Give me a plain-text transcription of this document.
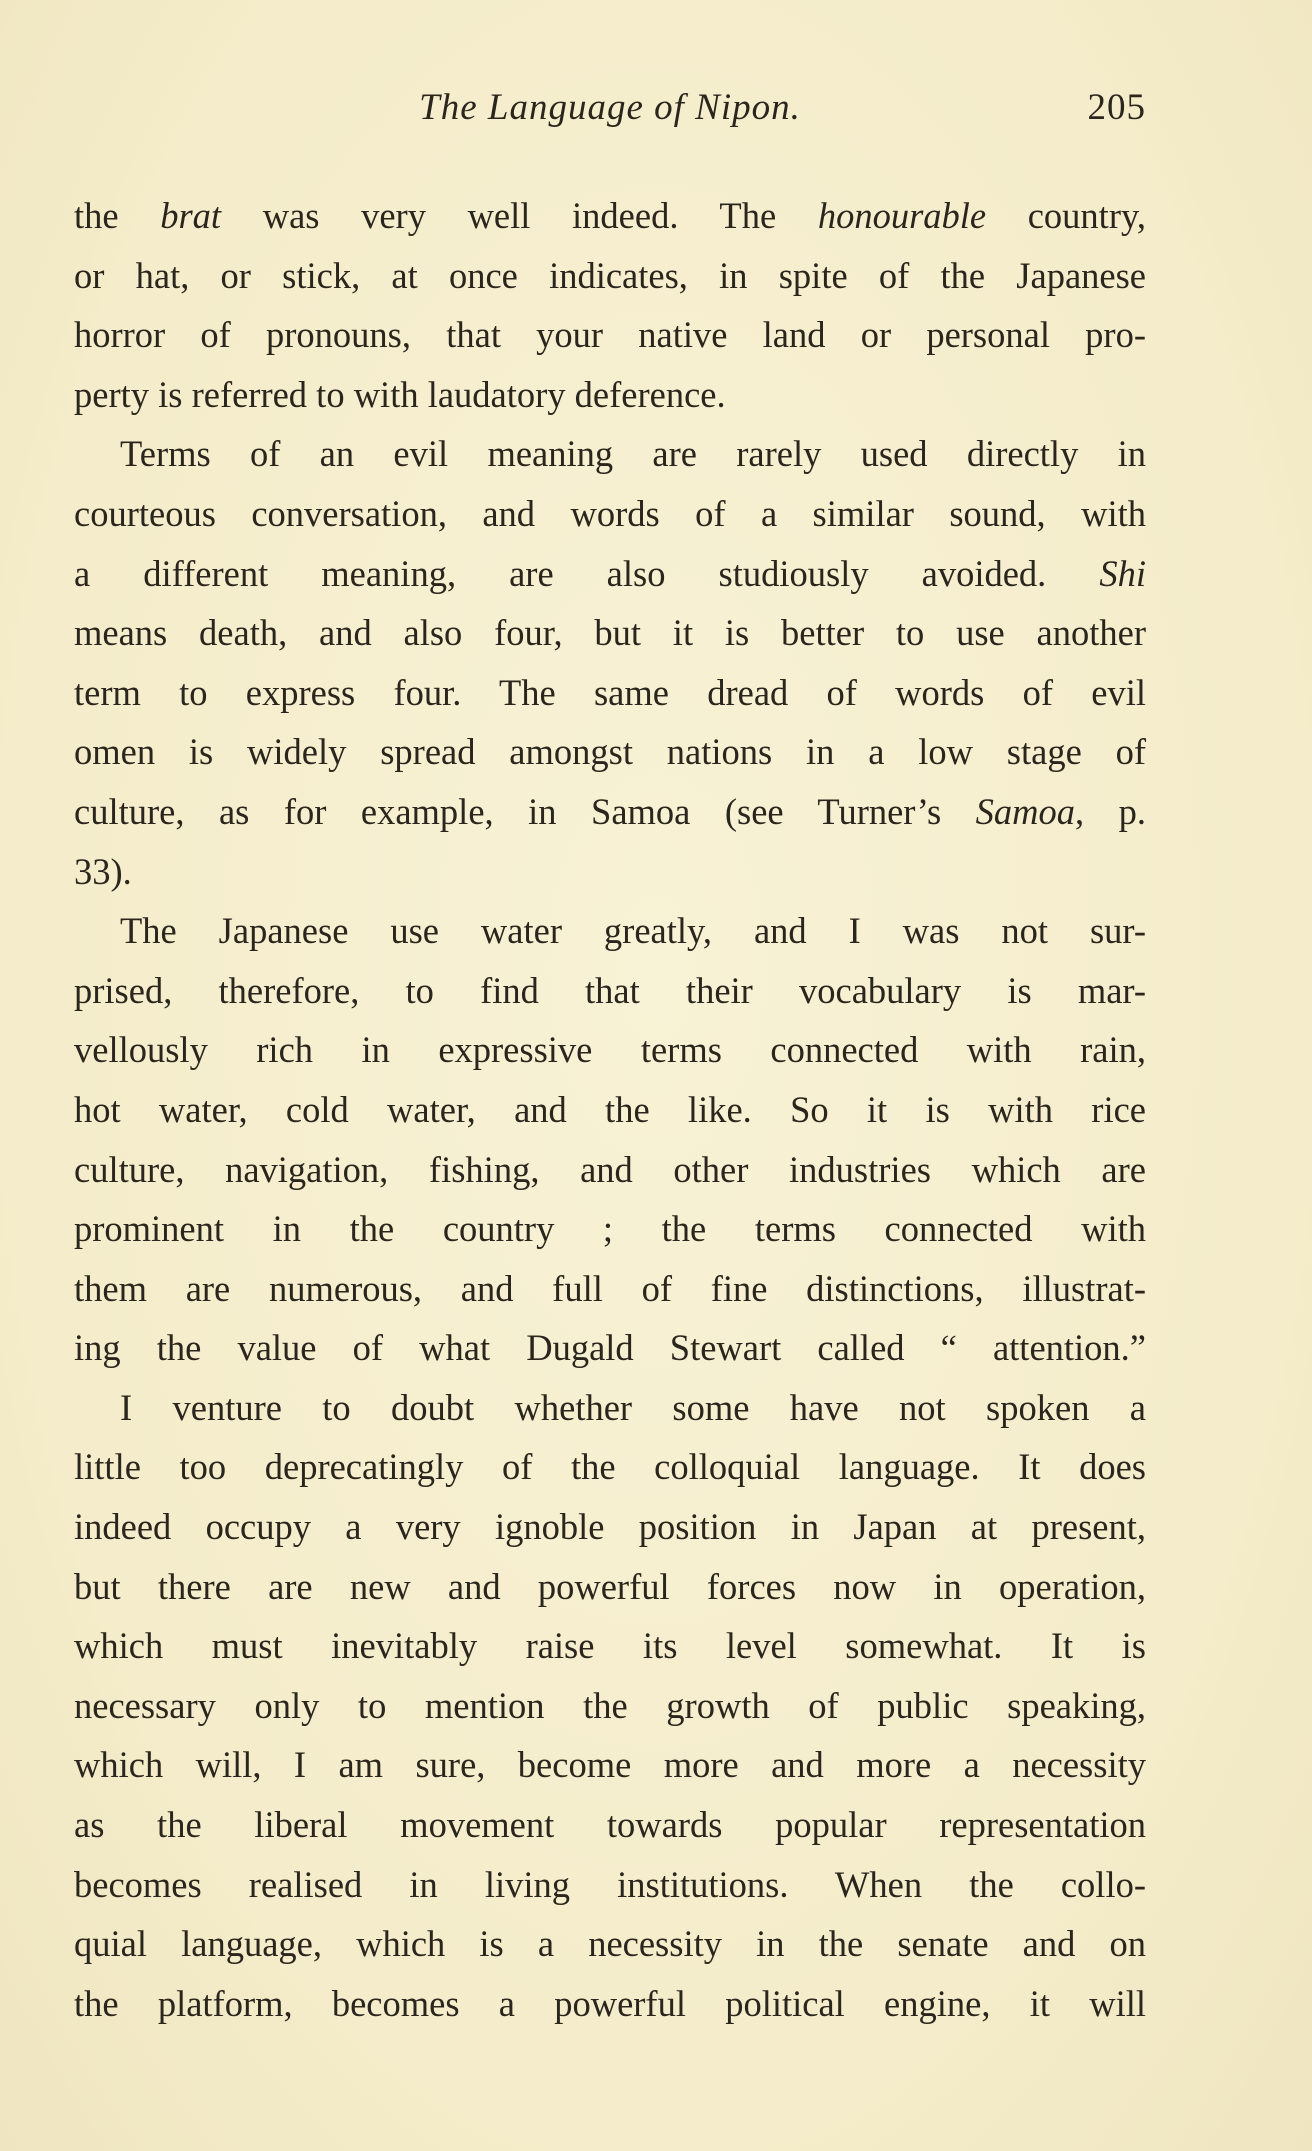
The Language of Nipon.	205
the brat was very well indeed. The honourable country,
or hat, or stick, at once indicates, in spite of the Japanese
horror of pronouns, that your native land or personal pro-
perty is referred to with laudatory deference.
Terms of an evil meaning are rarely used directly in
courteous conversation, and words of a similar sound, with
a different meaning, are also studiously avoided. Shi
means death, and also four, but it is better to use another
term to express four. The same dread of words of evil
omen is widely spread amongst nations in a low stage of
culture, as for example, in Samoa (see Turner’s Samoa, p.
33).
The Japanese use water greatly, and I was not sur-
prised, therefore, to find that their vocabulary is mar-
vellously rich in expressive terms connected with rain,
hot water, cold water, and the like. So it is with rice
culture, navigation, fishing, and other industries which are
prominent in the country ; the terms connected with
them are numerous, and full of fine distinctions, illustrat-
ing the value of what Dugald Stewart called “ attention.”
I venture to doubt whether some have not spoken a
little too deprecatingly of the colloquial language. It does
indeed occupy a very ignoble position in Japan at present,
but there are new and powerful forces now in operation,
which must inevitably raise its level somewhat. It is
necessary only to mention the growth of public speaking,
which will, I am sure, become more and more a necessity
as the liberal movement towards popular representation
becomes realised in living institutions. When the collo-
quial language, which is a necessity in the senate and on
the platform, becomes a powerful political engine, it will
